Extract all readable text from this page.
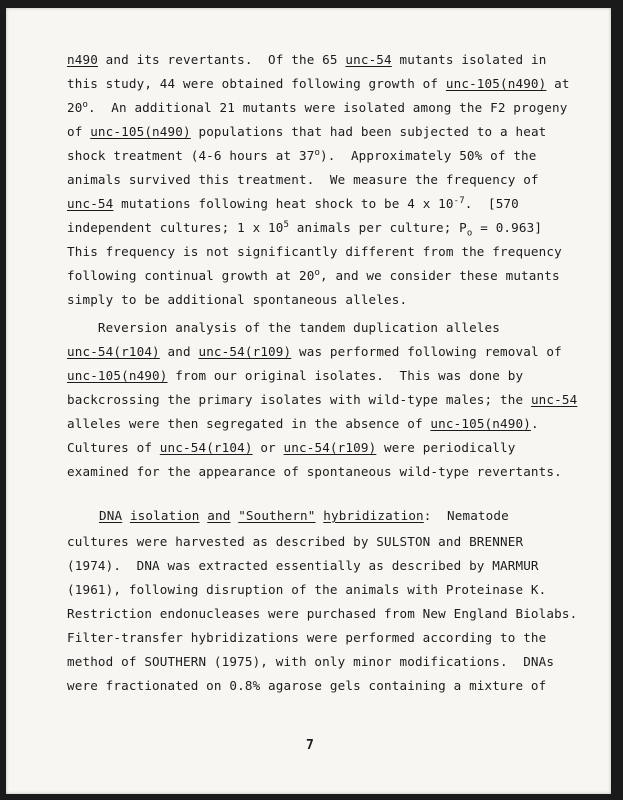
n490 and its revertants.  Of the 65 unc-54 mutants isolated in
this study, 44 were obtained following growth of unc-105(n490) at
20$^o$.  An additional 21 mutants were isolated among the F2 progeny
of unc-105(n490) populations that had been subjected to a heat
shock treatment (4-6 hours at 37$^o$).  Approximately 50% of the
animals survived this treatment.  We measure the frequency of
unc-54 mutations following heat shock to be 4 x $10^{-7}$.  [570
independent cultures; 1 x $10^5$ animals per culture; $P_o = 0.963$]
This frequency is not significantly different from the frequency
following continual growth at 20$^o$, and we consider these mutants
simply to be additional spontaneous alleles.
Reversion analysis of the tandem duplication alleles
unc-54(r104) and unc-54(r109) was performed following removal of
unc-105(n490) from our original isolates.  This was done by
backcrossing the primary isolates with wild-type males; the unc-54
alleles were then segregated in the absence of unc-105(n490).
Cultures of unc-54(r104) or unc-54(r109) were periodically
examined for the appearance of spontaneous wild-type revertants.
DNA isolation and "Southern" hybridization:  Nematode
cultures were harvested as described by SULSTON and BRENNER
(1974).  DNA was extracted essentially as described by MARMUR
(1961), following disruption of the animals with Proteinase K.
Restriction endonucleases were purchased from New England Biolabs.
Filter-transfer hybridizations were performed according to the
method of SOUTHERN (1975), with only minor modifications.  DNAs
were fractionated on 0.8% agarose gels containing a mixture of
7
